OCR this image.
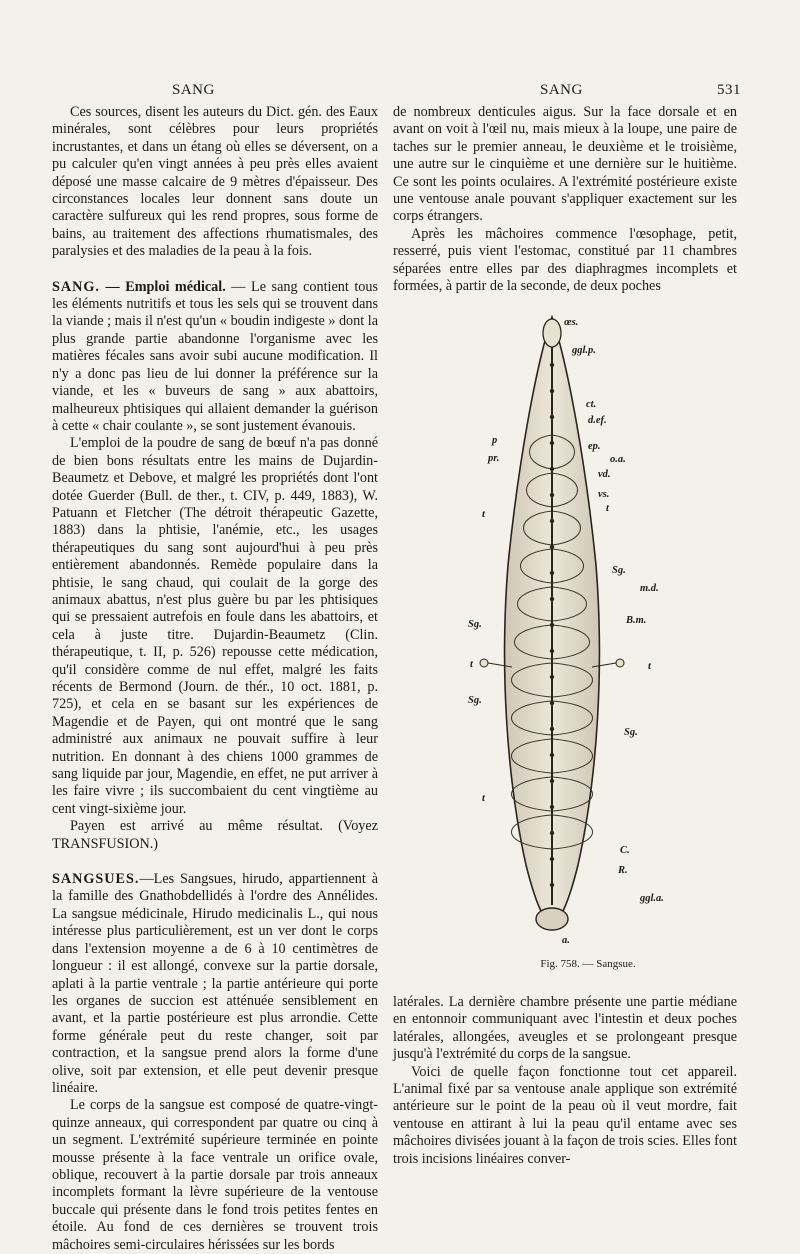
SANG	SANG	531

Ces sources, disent les auteurs du Dict. gén. des Eaux minérales, sont célèbres pour leurs propriétés incrustantes, et dans un étang où elles se déversent, on a pu calculer qu'en vingt années à peu près elles avaient déposé une masse calcaire de 9 mètres d'épaisseur. Des circonstances locales leur donnent sans doute un caractère sulfureux qui les rend propres, sous forme de bains, au traitement des affections rhumatismales, des paralysies et des maladies de la peau à la fois.

SANG. — Emploi médical. — Le sang contient tous les éléments nutritifs et tous les sels qui se trouvent dans la viande ; mais il n'est qu'un « boudin indigeste » dont la plus grande partie abandonne l'organisme avec les matières fécales sans avoir subi aucune modification. Il n'y a donc pas lieu de lui donner la préférence sur la viande, et les « buveurs de sang » aux abattoirs, malheureux phtisiques qui allaient demander la guérison à cette « chair coulante », se sont justement évanouis.

L'emploi de la poudre de sang de bœuf n'a pas donné de bien bons résultats entre les mains de Dujardin-Beaumetz et Debove, et malgré les propriétés dont l'ont dotée Guerder (Bull. de ther., t. CIV, p. 449, 1883), W. Patuann et Fletcher (The détroit thérapeutic Gazette, 1883) dans la phtisie, l'anémie, etc., les usages thérapeutiques du sang sont aujourd'hui à peu près entièrement abandonnés. Remède populaire dans la phtisie, le sang chaud, qui coulait de la gorge des animaux abattus, n'est plus guère bu par les phtisiques qui se pressaient autrefois en foule dans les abattoirs, et cela à juste titre. Dujardin-Beaumetz (Clin. thérapeutique, t. II, p. 526) repousse cette médication, qu'il considère comme de nul effet, malgré les faits récents de Bermond (Journ. de thér., 10 oct. 1881, p. 725), et cela en se basant sur les expériences de Magendie et de Payen, qui ont montré que le sang administré aux animaux ne pouvait suffire à leur nutrition. En donnant à des chiens 1000 grammes de sang liquide par jour, Magendie, en effet, ne put arriver à les faire vivre ; ils succombaient du cent vingtième au cent vingt-sixième jour.

Payen est arrivé au même résultat. (Voyez TRANSFUSION.)

SANGSUES.—Les Sangsues, hirudo, appartiennent à la famille des Gnathobdellidés à l'ordre des Annélides. La sangsue médicinale, Hirudo medicinalis L., qui nous intéresse plus particulièrement, est un ver dont le corps dans l'extension moyenne a de 6 à 10 centimètres de longueur : il est allongé, convexe sur la partie dorsale, aplati à la partie ventrale ; la partie antérieure qui porte les organes de succion est atténuée sensiblement en avant, et la partie postérieure est plus arrondie. Cette forme générale peut du reste changer, soit par contraction, et la sangsue prend alors la forme d'une olive, soit par extension, et elle peut devenir presque linéaire.

Le corps de la sangsue est composé de quatre-vingt-quinze anneaux, qui correspondent par quatre ou cinq à un segment. L'extrémité supérieure terminée en pointe mousse présente à la face ventrale un orifice ovale, oblique, recouvert à la partie dorsale par trois anneaux incomplets formant la lèvre supérieure de la ventouse buccale qui présente dans le fond trois petites fentes en étoile. Au fond de ces dernières se trouvent trois mâchoires semi-circulaires hérissées sur les bords

de nombreux denticules aigus. Sur la face dorsale et en avant on voit à l'œil nu, mais mieux à la loupe, une paire de taches sur le premier anneau, le deuxième et le troisième, une autre sur le cinquième et une dernière sur le huitième. Ce sont les points oculaires. A l'extrémité postérieure existe une ventouse anale pouvant s'appliquer exactement sur les corps étrangers.

Après les mâchoires commence l'œsophage, petit, resserré, puis vient l'estomac, constitué par 11 chambres séparées entre elles par des diaphragmes incomplets et formées, à partir de la seconde, de deux poches

œs.
ggl.p.
ct.
d.ef.
p
pr.
ep.
o.a.
vd.
vs.
t
t
Sg.
m.d.
B.m.
Sg.
t	t
Sg.
Sg.
t
C.
R.
ggl.a.
a.
Fig. 758. — Sangsue.

latérales. La dernière chambre présente une partie médiane en entonnoir communiquant avec l'intestin et deux poches latérales, allongées, aveugles et se prolongeant presque jusqu'à l'extrémité du corps de la sangsue.

Voici de quelle façon fonctionne tout cet appareil. L'animal fixé par sa ventouse anale applique son extrémité antérieure sur le point de la peau où il veut mordre, fait ventouse en attirant à lui la peau qu'il entame avec ses mâchoires divisées jouant à la façon de trois scies. Elles font trois incisions linéaires conver-
